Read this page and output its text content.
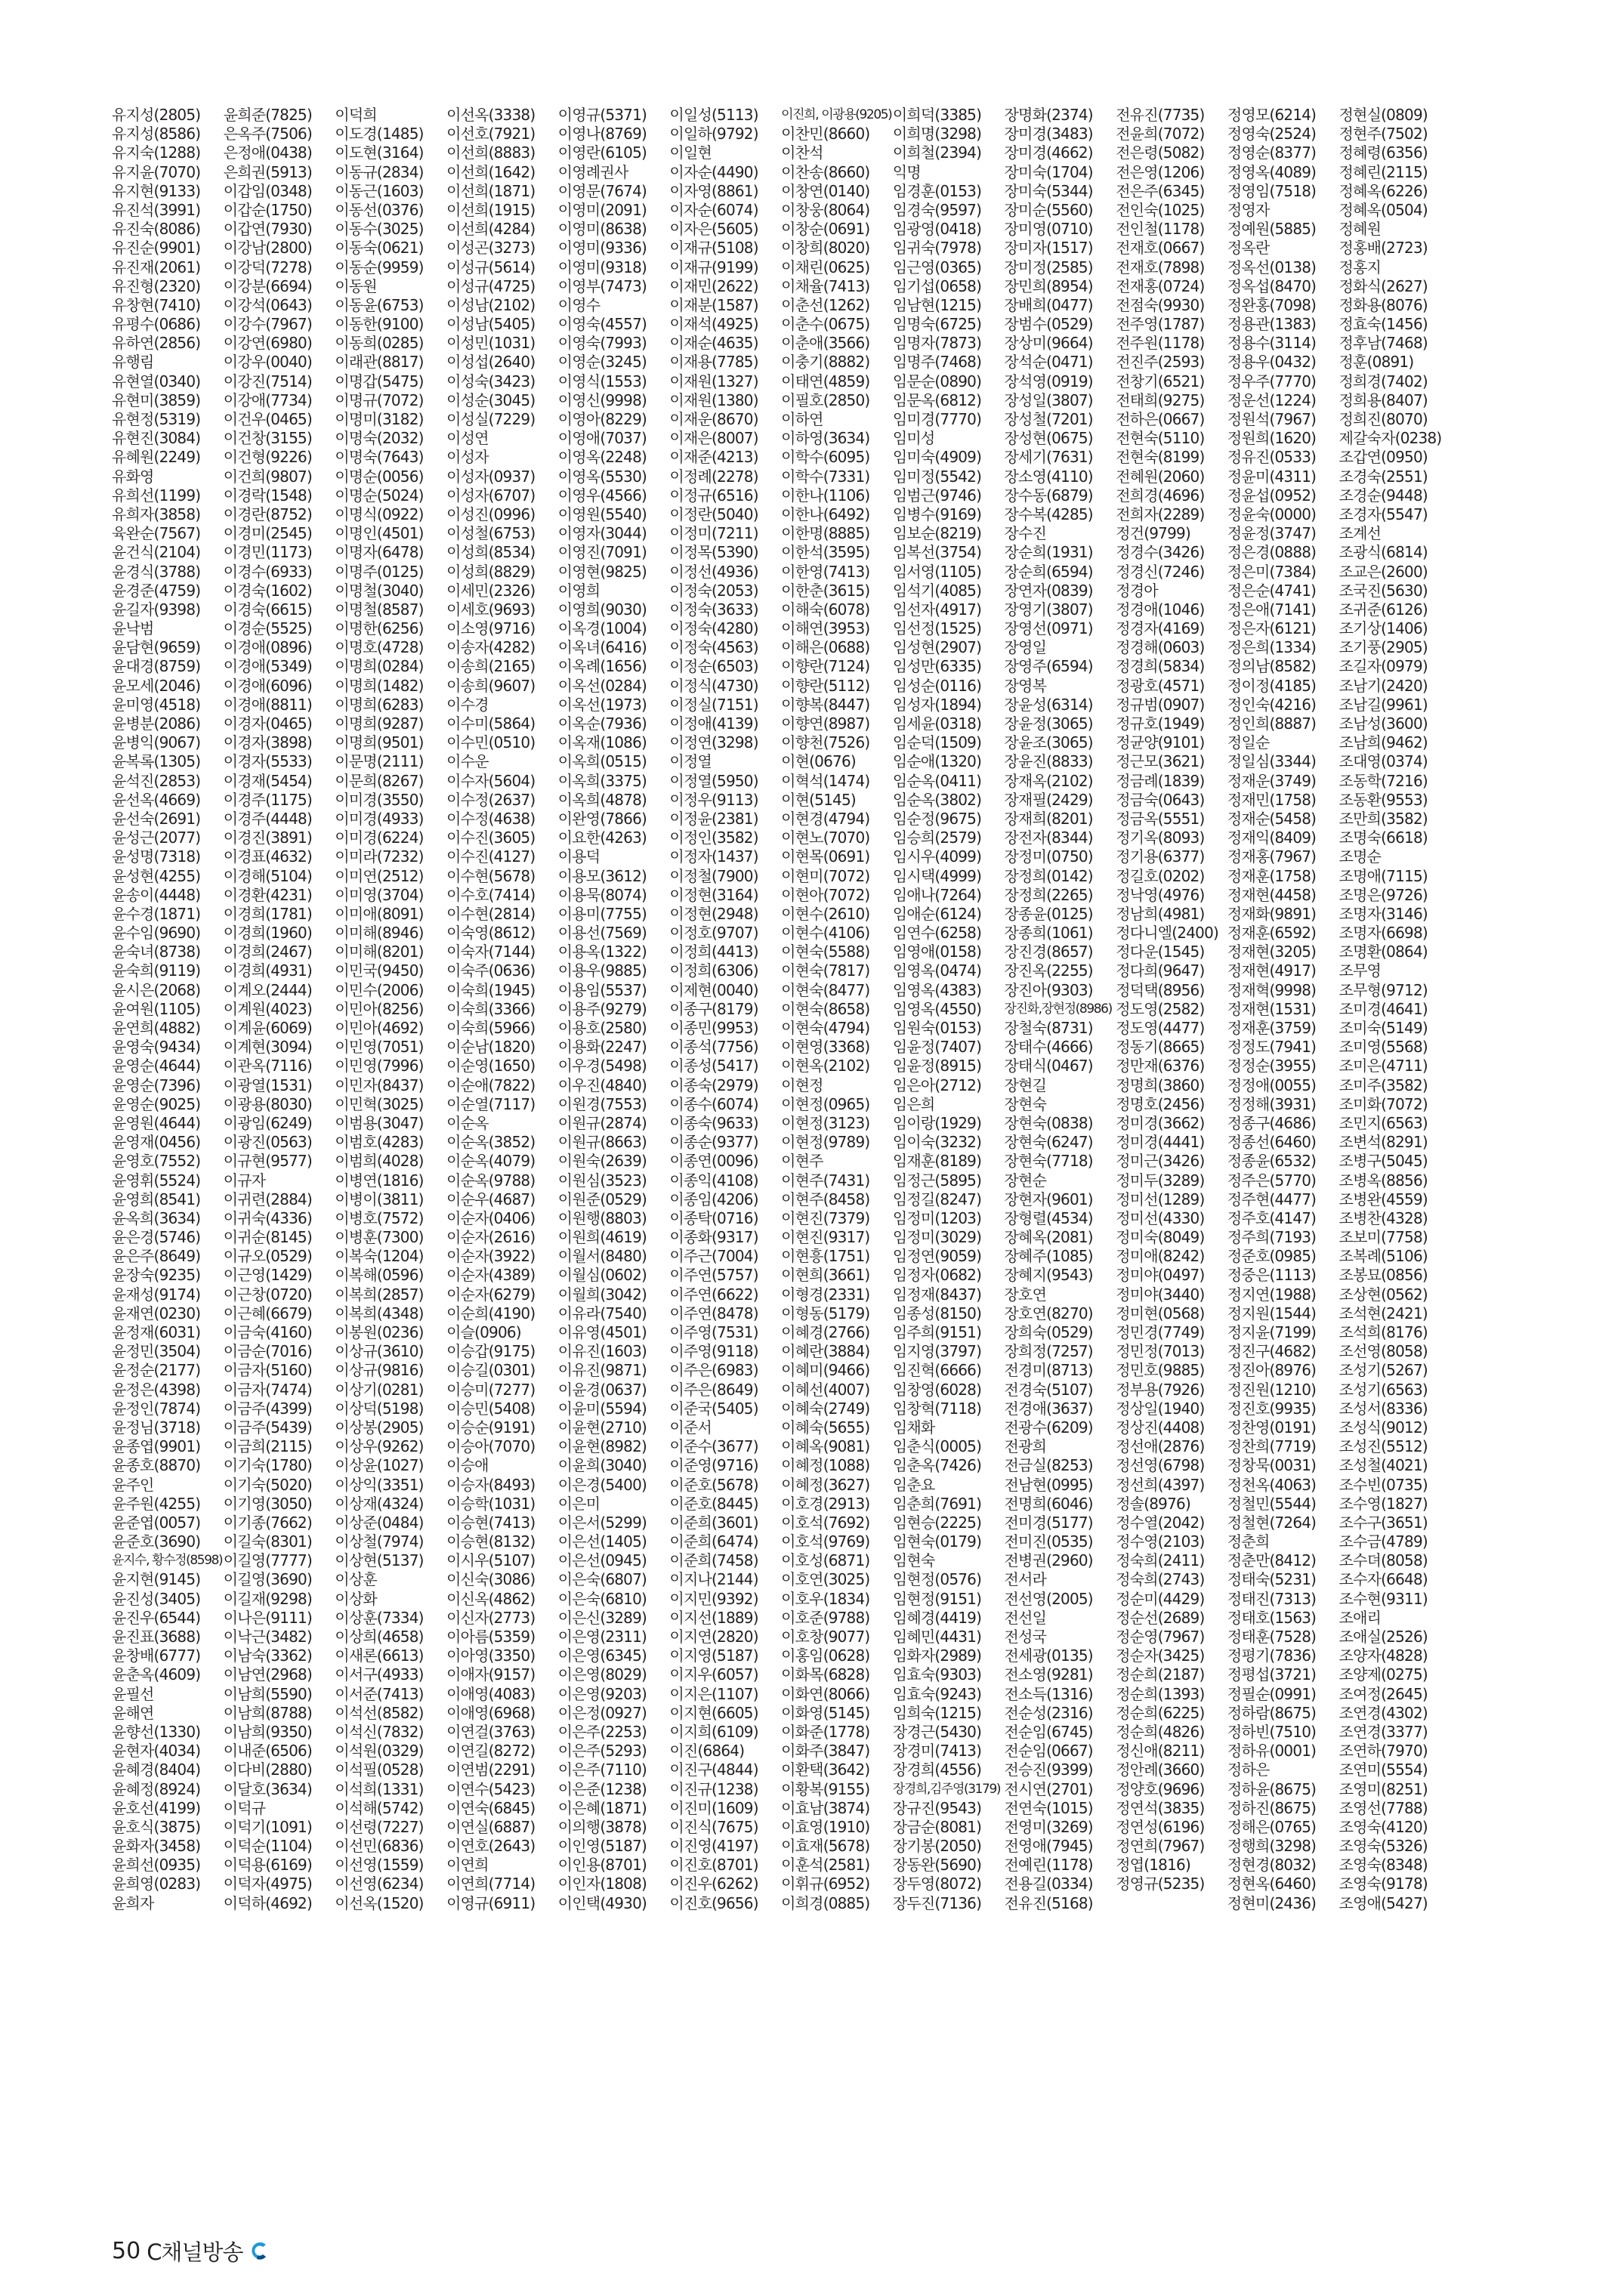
유지성(2805)
유지성(8586)
유지숙(1288)
유지윤(7070)
유지현(9133)
유진석(3991)
유진숙(8086)
유진순(9901)
유진재(2061)
유진형(2320)
유창현(7410)
유평수(0686)
유하연(2856)
유행림
유현열(0340)
유현미(3859)
유현정(5319)
유현진(3084)
유혜원(2249)
유화영
유희선(1199)
유희자(3858)
육완순(7567)
윤건식(2104)
윤경식(3788)
윤경준(4759)
윤길자(9398)
윤낙범
윤담현(9659)
윤대경(8759)
윤모세(2046)
윤미영(4518)
윤병분(2086)
윤병익(9067)
윤복록(1305)
윤석진(2853)
윤선옥(4669)
윤선숙(2691)
윤성근(2077)
윤성명(7318)
윤성현(4255)
윤송이(4448)
윤수경(1871)
윤수임(9690)
윤숙녀(8738)
윤숙희(9119)
윤시은(2068)
윤여원(1105)
윤연희(4882)
윤영숙(9434)
윤영순(4644)
윤영순(7396)
윤영순(9025)
윤영원(4644)
윤영재(0456)
윤영호(7552)
윤영휘(5524)
윤영희(8541)
윤옥희(3634)
윤은경(5746)
윤은주(8649)
윤장숙(9235)
윤재성(9174)
윤재연(0230)
윤정재(6031)
윤정민(3504)
윤정순(2177)
윤정은(4398)
윤정인(7874)
윤정님(3718)
윤종엽(9901)
윤종호(8870)
윤주인
윤주원(4255)
윤준엽(0057)
윤준호(3690)
윤지수, 황수정(8598)
윤지현(9145)
윤진성(3405)
윤진우(6544)
윤진표(3688)
윤창배(6777)
윤춘옥(4609)
윤필선
윤해연
윤향선(1330)
윤현자(4034)
윤혜경(8404)
윤혜정(8924)
윤호선(4199)
윤호식(3875)
윤화자(3458)
윤희선(0935)
윤희영(0283)
윤희자
윤희준(7825)
은옥주(7506)
은정애(0438)
은희권(5913)
이갑임(0348)
이갑순(1750)
이갑연(7930)
이강남(2800)
이강덕(7278)
이강분(6694)
이강석(0643)
이강수(7967)
이강연(6980)
이강우(0040)
이강진(7514)
이강애(7734)
이건우(0465)
이건창(3155)
이건형(9226)
이건희(9807)
이경락(1548)
이경란(8752)
이경미(2545)
이경민(1173)
이경수(6933)
이경숙(1602)
이경숙(6615)
이경순(5525)
이경애(0896)
이경애(5349)
이경애(6096)
이경애(8811)
이경자(0465)
이경자(3898)
이경자(5533)
이경재(5454)
이경주(1175)
이경주(4448)
이경진(3891)
이경표(4632)
이경해(5104)
이경환(4231)
이경희(1781)
이경희(1960)
이경희(2467)
이경희(4931)
이계오(2444)
이계원(4023)
이계윤(6069)
이계현(3094)
이관옥(7116)
이광열(1531)
이광용(8030)
이광임(6249)
이광진(0563)
이규현(9577)
이규자
이귀련(2884)
이귀숙(4336)
이귀순(8145)
이규오(0529)
이근영(1429)
이근창(0720)
이근혜(6679)
이금숙(4160)
이금순(7016)
이금자(5160)
이금자(7474)
이금주(4399)
이금주(5439)
이금희(2115)
이기숙(1780)
이기숙(5020)
이기영(3050)
이기종(7662)
이길숙(8301)
이길영(7777)
이길영(3690)
이길재(9298)
이나은(9111)
이낙근(3482)
이남숙(3362)
이남연(2968)
이남희(5590)
이남희(8788)
이남희(9350)
이내준(6506)
이다비(2880)
이달호(3634)
이덕규
이덕기(1091)
이덕순(1104)
이덕용(6169)
이덕자(4975)
이덕하(4692)
이덕희
이도경(1485)
이도현(3164)
이동규(2834)
이동근(1603)
이동선(0376)
이동수(3025)
이동숙(0621)
이동순(9959)
이동원
이동윤(6753)
이동한(9100)
이동희(0285)
이래관(8817)
이명갑(5475)
이명규(7072)
이명미(3182)
이명숙(2032)
이명숙(7643)
이명순(0056)
이명순(5024)
이명식(0922)
이명인(4501)
이명자(6478)
이명주(0125)
이명철(3040)
이명철(8587)
이명한(6256)
이명호(4728)
이명희(0284)
이명희(1482)
이명희(6283)
이명희(9287)
이명희(9501)
이문명(2111)
이문희(8267)
이미경(3550)
이미경(4933)
이미경(6224)
이미라(7232)
이미연(2512)
이미영(3704)
이미애(8091)
이미해(8946)
이미해(8201)
이민국(9450)
이민수(2006)
이민아(8256)
이민아(4692)
이민영(7051)
이민영(7996)
이민자(8437)
이민혁(3025)
이범용(3047)
이범호(4283)
이범희(4028)
이병연(1816)
이병이(3811)
이병호(7572)
이병훈(7300)
이복숙(1204)
이복해(0596)
이복희(2857)
이복희(4348)
이봉원(0236)
이상규(3610)
이상규(9816)
이상기(0281)
이상덕(5198)
이상봉(2905)
이상우(9262)
이상윤(1027)
이상익(3351)
이상재(4324)
이상준(0484)
이상철(7974)
이상현(5137)
이상훈
이상화
이상훈(7334)
이상희(4658)
이새론(6613)
이서구(4933)
이서준(7413)
이석선(8582)
이석신(7832)
이석원(0329)
이석필(0528)
이석희(1331)
이석해(5742)
이선령(7227)
이선민(6836)
이선영(1559)
이선영(6234)
이선옥(1520)
이선옥(3338)
이선호(7921)
이선희(8883)
이선희(1642)
이선희(1871)
이선희(1915)
이선희(4284)
이성곤(3273)
이성규(5614)
이성규(4725)
이성남(2102)
이성남(5405)
이성민(1031)
이성섭(2640)
이성숙(3423)
이성순(3045)
이성실(7229)
이성연
이성자
이성자(0937)
이성자(6707)
이성진(0996)
이성철(6753)
이성희(8534)
이성희(8829)
이세민(2326)
이세호(9693)
이소영(9716)
이송자(4282)
이송희(2165)
이송희(9607)
이수경
이수미(5864)
이수민(0510)
이수운
이수자(5604)
이수정(2637)
이수정(4638)
이수진(3605)
이수진(4127)
이수현(5678)
이수호(7414)
이수현(2814)
이숙영(8612)
이숙자(7144)
이숙주(0636)
이숙희(1945)
이숙희(3366)
이숙희(5966)
이순남(1820)
이순영(1650)
이순애(7822)
이순열(7117)
이순옥
이순옥(3852)
이순옥(4079)
이순옥(9788)
이순우(4687)
이순자(0406)
이순자(2616)
이순자(3922)
이순자(4389)
이순자(6279)
이순희(4190)
이슬(0906)
이승갑(9175)
이승길(0301)
이승미(7277)
이승민(5408)
이승순(9191)
이승아(7070)
이승애
이승자(8493)
이승학(1031)
이승현(7413)
이승현(8132)
이시우(5107)
이신숙(3086)
이신옥(4862)
이신자(2773)
이아름(5359)
이아영(3350)
이애자(9157)
이애영(4083)
이애영(6968)
이연걸(3763)
이연길(8272)
이연범(2291)
이연수(5423)
이연숙(6845)
이연실(6887)
이연호(2643)
이연희
이연희(7714)
이영규(6911)
이영규(5371)
이영나(8769)
이영란(6105)
이영례권사
이영문(7674)
이영미(2091)
이영미(8638)
이영미(9336)
이영미(9318)
이영부(7473)
이영수
이영숙(4557)
이영숙(7993)
이영순(3245)
이영식(1553)
이영신(9998)
이영아(8229)
이영애(7037)
이영옥(2248)
이영옥(5530)
이영우(4566)
이영원(5540)
이영자(3044)
이영진(7091)
이영현(9825)
이영희
이영희(9030)
이옥경(1004)
이옥녀(6416)
이옥례(1656)
이옥선(0284)
이옥선(1973)
이옥순(7936)
이옥재(1086)
이옥희(0515)
이옥희(3375)
이옥희(4878)
이완영(7866)
이요한(4263)
이용덕
이용모(3612)
이용묵(8074)
이용미(7755)
이용선(7569)
이용옥(1322)
이용우(9885)
이용임(5537)
이용주(9279)
이용호(2580)
이용화(2247)
이우경(5498)
이우진(4840)
이원경(7553)
이원규(2874)
이원규(8663)
이원숙(2639)
이원심(3523)
이원준(0529)
이원행(8803)
이원희(4619)
이월서(8480)
이월심(0602)
이월희(3042)
이유라(7540)
이유영(4501)
이유진(1603)
이유진(9871)
이윤경(0637)
이윤미(5594)
이윤현(2710)
이윤현(8982)
이윤희(3040)
이은경(5400)
이은미
이은서(5299)
이은선(1405)
이은선(0945)
이은숙(6807)
이은숙(6810)
이은신(3289)
이은영(2311)
이은영(6345)
이은영(8029)
이은영(9203)
이은정(0927)
이은주(2253)
이은주(5293)
이은주(7110)
이은준(1238)
이은혜(1871)
이의행(3878)
이인영(5187)
이인용(8701)
이인자(1808)
이인택(4930)
이일성(5113)
이일하(9792)
이일현
이자순(4490)
이자영(8861)
이자순(6074)
이자은(5605)
이재규(5108)
이재규(9199)
이재민(2622)
이재분(1587)
이재석(4925)
이재순(4635)
이재용(7785)
이재원(1327)
이재원(1380)
이재운(8670)
이재은(8007)
이재준(4213)
이정례(2278)
이정규(6516)
이정란(5040)
이정미(7211)
이정목(5390)
이정선(4936)
이정숙(2053)
이정숙(3633)
이정숙(4280)
이정숙(4563)
이정순(6503)
이정식(4730)
이정실(7151)
이정애(4139)
이정연(3298)
이정열
이정열(5950)
이정우(9113)
이정윤(2381)
이정인(3582)
이정자(1437)
이정철(7900)
이정현(3164)
이정현(2948)
이정호(9707)
이정희(4413)
이정희(6306)
이제현(0040)
이종구(8179)
이종민(9953)
이종석(7756)
이종성(5417)
이종숙(2979)
이종수(6074)
이종숙(9633)
이종순(9377)
이종연(0096)
이종익(4108)
이종임(4206)
이종탁(0716)
이종화(9317)
이주근(7004)
이주연(5757)
이주연(6622)
이주연(8478)
이주영(7531)
이주영(9118)
이주은(6983)
이주은(8649)
이준국(5405)
이준서
이준수(3677)
이준영(9716)
이준호(5678)
이준호(8445)
이준희(3601)
이준희(6474)
이준희(7458)
이지나(2144)
이지민(9392)
이지선(1889)
이지연(2820)
이지영(5187)
이지우(6057)
이지은(1107)
이지현(6605)
이지희(6109)
이진(6864)
이진구(4844)
이진규(1238)
이진미(1609)
이진식(7675)
이진영(4197)
이진호(8701)
이진우(6262)
이진호(9656)
이진희, 이광용(9205)
이찬민(8660)
이찬석
이찬송(8660)
이창연(0140)
이창웅(8064)
이창순(0691)
이창희(8020)
이채린(0625)
이채율(7413)
이춘선(1262)
이춘수(0675)
이춘애(3566)
이충기(8882)
이태연(4859)
이필호(2850)
이하연
이하영(3634)
이학수(6095)
이학수(7331)
이한나(1106)
이한나(6492)
이한명(8885)
이한석(3595)
이한영(7413)
이한춘(3615)
이해숙(6078)
이해연(3953)
이해은(0688)
이향란(7124)
이향란(5112)
이향복(8447)
이향연(8987)
이향천(7526)
이현(0676)
이혁석(1474)
이현(5145)
이현경(4794)
이현노(7070)
이현목(0691)
이현미(7072)
이현아(7072)
이현수(2610)
이현수(4106)
이현숙(5588)
이현숙(7817)
이현숙(8477)
이현숙(8658)
이현숙(4794)
이현영(3368)
이현옥(2102)
이현정
이현정(0965)
이현정(3123)
이현정(9789)
이현주
이현주(7431)
이현주(8458)
이현진(7379)
이현진(9317)
이현흥(1751)
이현희(3661)
이형경(2331)
이형동(5179)
이혜경(2766)
이혜란(3884)
이혜미(9466)
이혜선(4007)
이혜숙(2749)
이혜숙(5655)
이혜옥(9081)
이혜정(1088)
이혜정(3627)
이호경(2913)
이호석(7692)
이호석(9769)
이호성(6871)
이호연(3025)
이호우(1834)
이호준(9788)
이호창(9077)
이홍임(0628)
이화목(6828)
이화연(8066)
이화영(5145)
이화준(1778)
이화주(3847)
이환택(3642)
이황복(9155)
이효남(3874)
이효영(1910)
이효재(5678)
이훈석(2581)
이휘규(6952)
이희경(0885)
이희덕(3385)
이희명(3298)
이희철(2394)
익명
임경훈(0153)
임경숙(9597)
임광영(0418)
임귀숙(7978)
임근영(0365)
임기섭(0658)
임남현(1215)
임명숙(6725)
임명자(7873)
임명주(7468)
임문순(0890)
임문옥(6812)
임미경(7770)
임미성
임미숙(4909)
임미정(5542)
임범근(9746)
임병수(9169)
임보순(8219)
임복선(3754)
임서영(1105)
임석기(4085)
임선자(4917)
임선정(1525)
임성현(2907)
임성만(6335)
임성순(0116)
임성자(1894)
임세윤(0318)
임순덕(1509)
임순애(1320)
임순옥(0411)
임순옥(3802)
임순정(9675)
임승희(2579)
임시우(4099)
임시택(4999)
임애나(7264)
임애순(6124)
임연수(6258)
임영애(0158)
임영옥(0474)
임영옥(4383)
임영옥(4550)
임원숙(0153)
임윤정(7407)
임윤정(8915)
임은아(2712)
임은희
임이랑(1929)
임이숙(3232)
임재훈(8189)
임정근(5895)
임정길(8247)
임정미(1203)
임정미(3029)
임정연(9059)
임정자(0682)
임정재(8437)
임종성(8150)
임주희(9151)
임지영(3797)
임진혁(6666)
임창영(6028)
임창혁(7118)
임채화
임춘식(0005)
임춘옥(7426)
임춘요
임춘희(7691)
임현승(2225)
임현숙(0179)
임현숙
임현정(0576)
임현정(9151)
임혜경(4419)
임혜민(4431)
임화자(2989)
임효숙(9303)
임효숙(9243)
임희숙(1215)
장경근(5430)
장경미(7413)
장경희(4556)
장경희,김주영(3179)
장규진(9543)
장금순(8081)
장기봉(2050)
장동완(5690)
장두영(8072)
장두진(7136)
장명화(2374)
장미경(3483)
장미경(4662)
장미숙(1704)
장미숙(5344)
장미순(5560)
장미영(0710)
장미자(1517)
장미정(2585)
장민희(8954)
장배희(0477)
장범수(0529)
장상미(9664)
장석순(0471)
장석영(0919)
장성일(3807)
장성철(7201)
장성현(0675)
장세기(7631)
장소영(4110)
장수동(6879)
장수복(4285)
장수진
장순희(1931)
장순희(6594)
장연자(0839)
장영기(3807)
장영선(0971)
장영일
장영주(6594)
장영복
장윤성(6314)
장윤정(3065)
장윤조(3065)
장윤진(8833)
장재옥(2102)
장재필(2429)
장재희(8201)
장전자(8344)
장정미(0750)
장정희(0142)
장정희(2265)
장종윤(0125)
장종희(1061)
장진경(8657)
장진옥(2255)
장진아(9303)
장진화,장현정(8986)
장철숙(8731)
장태수(4666)
장태식(0467)
장현길
장현숙
장현숙(0838)
장현숙(6247)
장현숙(7718)
장현순
장현자(9601)
장형렬(4534)
장혜옥(2081)
장혜주(1085)
장혜지(9543)
장호연
장호연(8270)
장희숙(0529)
장희정(7257)
전경미(8713)
전경숙(5107)
전경애(3637)
전광수(6209)
전광희
전금실(8253)
전남현(0995)
전명희(6046)
전미경(5177)
전미진(0535)
전병권(2960)
전서라
전선영(2005)
전선일
전성국
전세광(0135)
전소영(9281)
전소득(1316)
전순성(2316)
전순임(6745)
전순임(0667)
전승진(9399)
전시연(2701)
전연숙(1015)
전영미(3269)
전영애(7945)
전예린(1178)
전용길(0334)
전유진(5168)
전유진(7735)
전윤희(7072)
전은령(5082)
전은영(1206)
전은주(6345)
전인숙(1025)
전인철(1178)
전재호(0667)
전재호(7898)
전재홍(0724)
전점숙(9930)
전주영(1787)
전주원(1178)
전진주(2593)
전창기(6521)
전태희(9275)
전하은(0667)
전현숙(5110)
전현숙(8199)
전혜원(2060)
전희경(4696)
전희자(2289)
정건(9799)
정경수(3426)
정경신(7246)
정경아
정경애(1046)
정경자(4169)
정경해(0603)
정경희(5834)
정광호(4571)
정규범(0907)
정규호(1949)
정균양(9101)
정근모(3621)
정금례(1839)
정금숙(0643)
정금옥(5551)
정기옥(8093)
정기용(6377)
정길호(0202)
정낙영(4976)
정남희(4981)
정다니엘(2400)
정다운(1545)
정다희(9647)
정덕택(8956)
정도영(2582)
정도영(4477)
정동기(8665)
정만재(6376)
정명희(3860)
정명호(2456)
정미경(3662)
정미경(4441)
정미근(3426)
정미두(3289)
정미선(1289)
정미선(4330)
정미숙(8049)
정미애(8242)
정미야(0497)
정미야(3440)
정미현(0568)
정민경(7749)
정민정(7013)
정민호(9885)
정부용(7926)
정상일(1940)
정상진(4408)
정선애(2876)
정선영(6798)
정선희(4397)
정솔(8976)
정수열(2042)
정수영(2103)
정숙희(2411)
정숙희(2743)
정순미(4429)
정순선(2689)
정순영(7967)
정순자(3425)
정순희(2187)
정순희(1393)
정순희(6225)
정순희(4826)
정신애(8211)
정안례(3660)
정양호(9696)
정연석(3835)
정연성(6196)
정연희(7967)
정엽(1816)
정영규(5235)
정영모(6214)
정영숙(2524)
정영순(8377)
정영옥(4089)
정영임(7518)
정영자
정예원(5885)
정옥란
정옥선(0138)
정옥섭(8470)
정완홍(7098)
정용관(1383)
정용수(3114)
정용우(0432)
정우주(7770)
정운선(1224)
정원석(7967)
정원희(1620)
정유진(0533)
정윤미(4311)
정윤섭(0952)
정윤숙(0000)
정윤정(3747)
정은경(0888)
정은미(7384)
정은순(4741)
정은애(7141)
정은자(6121)
정은희(1334)
정의남(8582)
정이정(4185)
정인숙(4216)
정인희(8887)
정일순
정일심(3344)
정재운(3749)
정재민(1758)
정재순(5458)
정재익(8409)
정재홍(7967)
정재훈(1758)
정재현(4458)
정재화(9891)
정재훈(6592)
정재현(3205)
정재현(4917)
정재혁(9998)
정재현(1531)
정재훈(3759)
정정도(7941)
정정순(3955)
정정애(0055)
정정해(3931)
정종구(4686)
정종선(6460)
정종윤(6532)
정주은(5770)
정주현(4477)
정주호(4147)
정주희(7193)
정준호(0985)
정중은(1113)
정지연(1988)
정지원(1544)
정지윤(7199)
정진구(4682)
정진아(8976)
정진원(1210)
정진호(9935)
정찬영(0191)
정찬희(7719)
정창묵(0031)
정천옥(4063)
정철민(5544)
정철현(7264)
정춘희
정춘만(8412)
정태숙(5231)
정태진(7313)
정태호(1563)
정태훈(7528)
정평기(7836)
정평섭(3721)
정필순(0991)
정하람(8675)
정하빈(7510)
정하유(0001)
정하은
정하윤(8675)
정하진(8675)
정해은(0765)
정행희(3298)
정현경(8032)
정현옥(6460)
정현미(2436)
정현실(0809)
정현주(7502)
정혜령(6356)
정혜린(2115)
정혜옥(6226)
정혜옥(0504)
정혜원
정홍배(2723)
정홍지
정화식(2627)
정화용(8076)
정효숙(1456)
정후남(7468)
정훈(0891)
정희경(7402)
정희용(8407)
정희진(8070)
제갈숙자(0238)
조갑연(0950)
조경숙(2551)
조경순(9448)
조경자(5547)
조계선
조광식(6814)
조교은(2600)
조국진(5630)
조귀준(6126)
조기상(1406)
조기풍(2905)
조길자(0979)
조남기(2420)
조남길(9961)
조남성(3600)
조남희(9462)
조대영(0374)
조동학(7216)
조동환(9553)
조만희(3582)
조명숙(6618)
조명순
조명애(7115)
조명은(9726)
조명자(3146)
조명자(6698)
조명환(0864)
조무영
조무형(9712)
조미경(4641)
조미숙(5149)
조미영(5568)
조미은(4711)
조미주(3582)
조미화(7072)
조민지(6563)
조변석(8291)
조병구(5045)
조병옥(8856)
조병완(4559)
조병찬(4328)
조보미(7758)
조복례(5106)
조봉묘(0856)
조상현(0562)
조석현(2421)
조석희(8176)
조선영(8058)
조성기(5267)
조성기(6563)
조성서(8336)
조성식(9012)
조성진(5512)
조성철(4021)
조수빈(0735)
조수영(1827)
조수구(3651)
조수금(4789)
조수뎌(8058)
조수자(6648)
조수현(9311)
조애리
조애실(2526)
조양자(4828)
조양제(0275)
조여정(2645)
조연경(4302)
조연경(3377)
조연하(7970)
조연미(5554)
조영미(8251)
조영선(7788)
조영숙(4120)
조영숙(5326)
조영숙(8348)
조영숙(9178)
조영애(5427)
50 C채널방송
